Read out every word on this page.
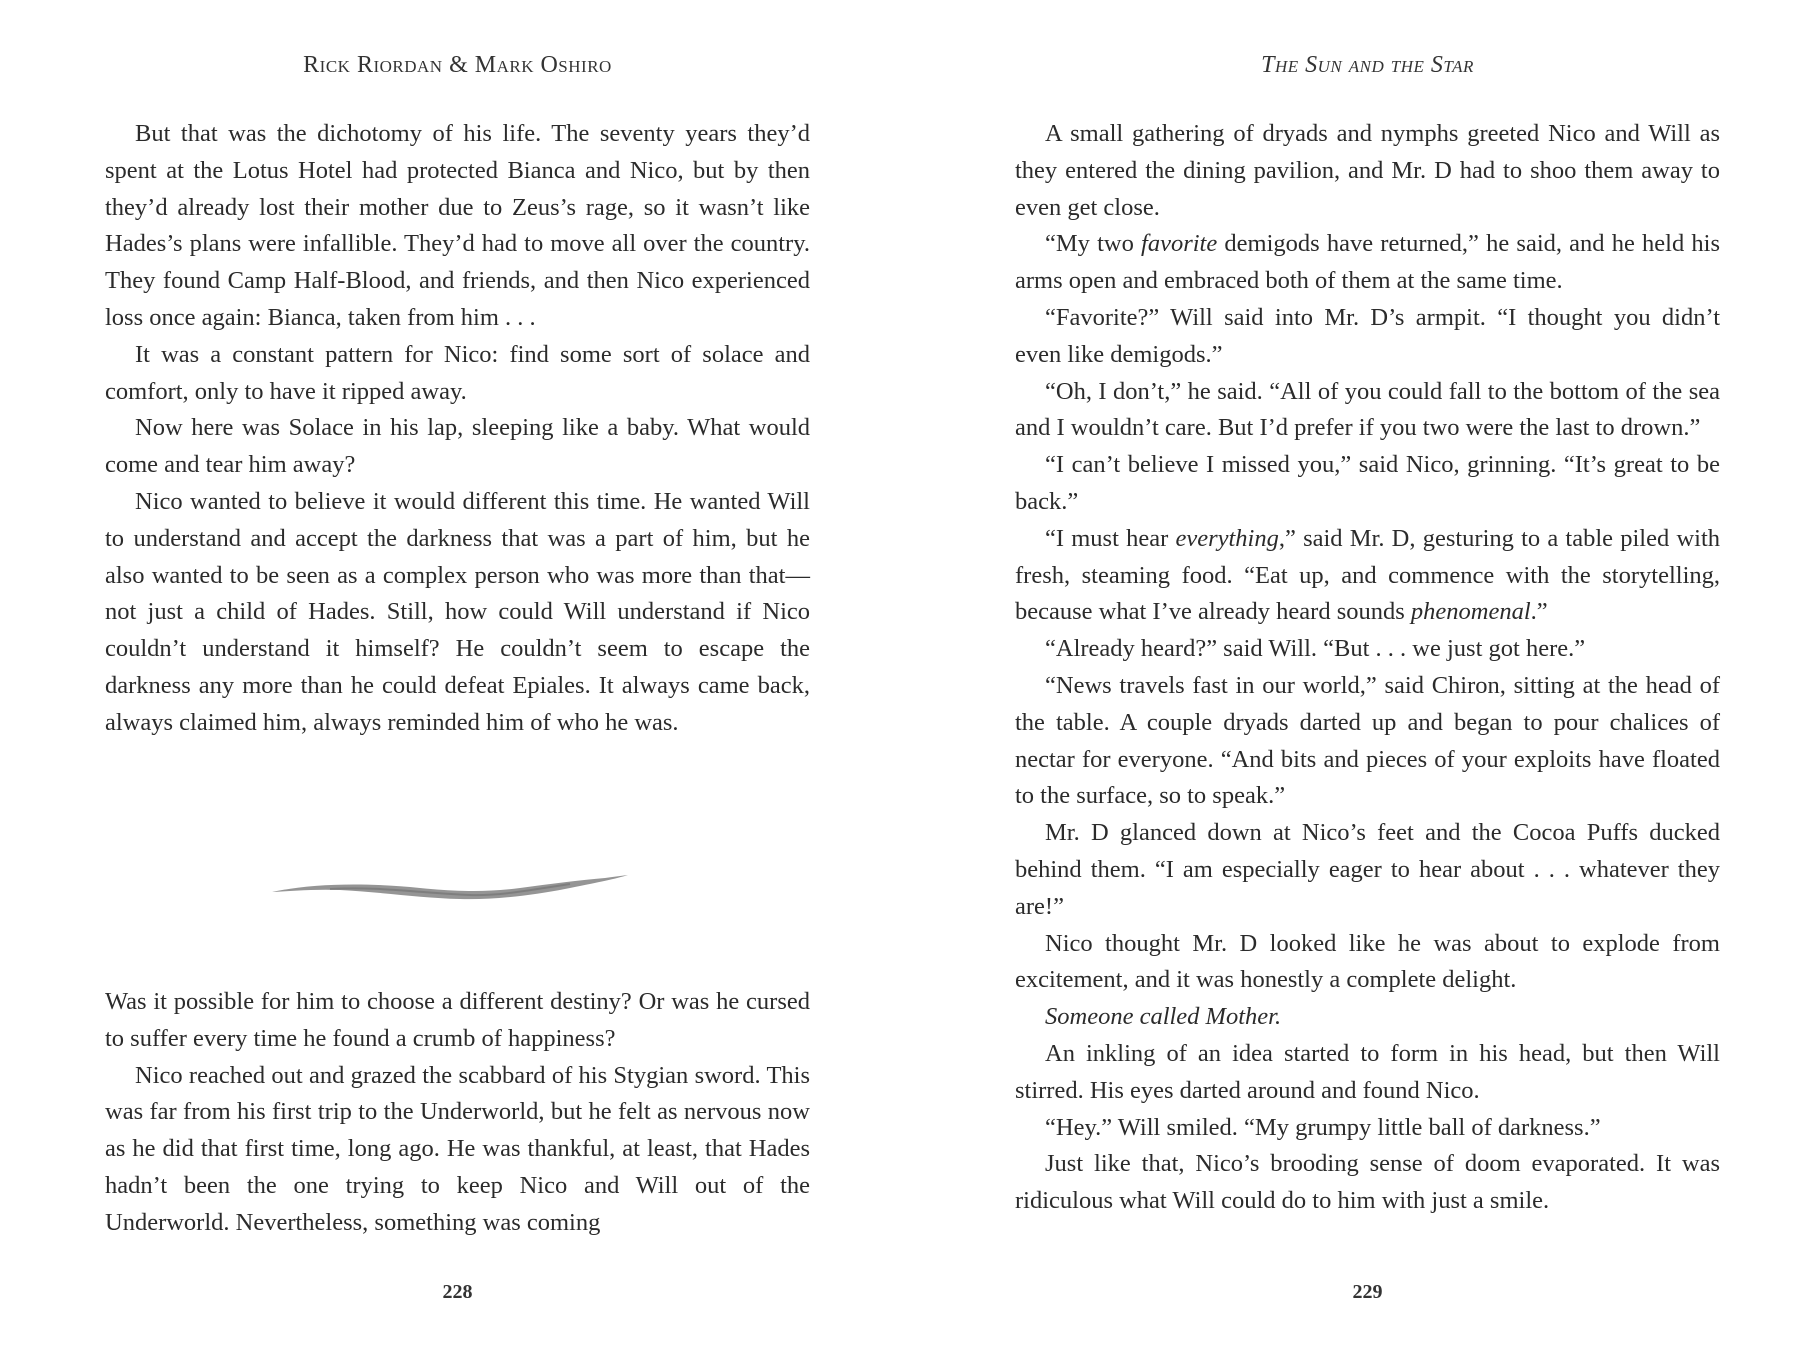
Rick Riordan & Mark Oshiro

But that was the dichotomy of his life. The seventy years they’d spent at the Lotus Hotel had protected Bianca and Nico, but by then they’d already lost their mother due to Zeus’s rage, so it wasn’t like Hades’s plans were infallible. They’d had to move all over the country. They found Camp Half-Blood, and friends, and then Nico experienced loss once again: Bianca, taken from him . . .

It was a constant pattern for Nico: find some sort of solace and comfort, only to have it ripped away.

Now here was Solace in his lap, sleeping like a baby. What would come and tear him away?

Nico wanted to believe it would different this time. He wanted Will to understand and accept the darkness that was a part of him, but he also wanted to be seen as a complex person who was more than that—not just a child of Hades. Still, how could Will understand if Nico couldn’t understand it himself? He couldn’t seem to escape the darkness any more than he could defeat Epiales. It always came back, always claimed him, always reminded him of who he was.

Was it possible for him to choose a different destiny? Or was he cursed to suffer every time he found a crumb of happiness?

Nico reached out and grazed the scabbard of his Stygian sword. This was far from his first trip to the Underworld, but he felt as nervous now as he did that first time, long ago. He was thankful, at least, that Hades hadn’t been the one trying to keep Nico and Will out of the Underworld. Nevertheless, something was coming

228
The Sun and the Star

A small gathering of dryads and nymphs greeted Nico and Will as they entered the dining pavilion, and Mr. D had to shoo them away to even get close.

“My two favorite demigods have returned,” he said, and he held his arms open and embraced both of them at the same time.

“Favorite?” Will said into Mr. D’s armpit. “I thought you didn’t even like demigods.”

“Oh, I don’t,” he said. “All of you could fall to the bottom of the sea and I wouldn’t care. But I’d prefer if you two were the last to drown.”

“I can’t believe I missed you,” said Nico, grinning. “It’s great to be back.”

“I must hear everything,” said Mr. D, gesturing to a table piled with fresh, steaming food. “Eat up, and commence with the storytelling, because what I’ve already heard sounds phenomenal.”

“Already heard?” said Will. “But . . . we just got here.”

“News travels fast in our world,” said Chiron, sitting at the head of the table. A couple dryads darted up and began to pour chalices of nectar for everyone. “And bits and pieces of your exploits have floated to the surface, so to speak.”

Mr. D glanced down at Nico’s feet and the Cocoa Puffs ducked behind them. “I am especially eager to hear about . . . whatever they are!”

Nico thought Mr. D looked like he was about to explode from excitement, and it was honestly a complete delight.

Someone called Mother.

An inkling of an idea started to form in his head, but then Will stirred. His eyes darted around and found Nico.

“Hey.” Will smiled. “My grumpy little ball of darkness.”

Just like that, Nico’s brooding sense of doom evaporated. It was ridiculous what Will could do to him with just a smile.

229
